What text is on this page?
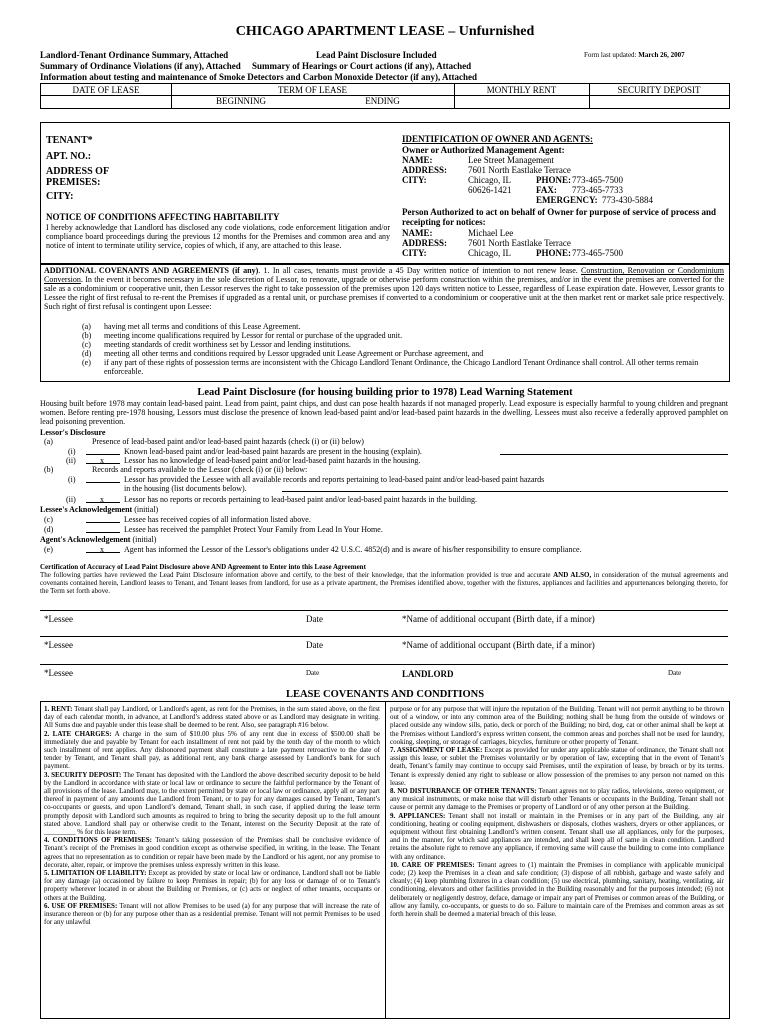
CHICAGO APARTMENT LEASE – Unfurnished
Landlord-Tenant Ordinance Summary, Attached	Lead Paint Disclosure Included	Form last updated: March 26, 2007
Summary of Ordinance Violations (if any), Attached     Summary of Hearings or Court actions (if any), Attached
Information about testing and maintenance of Smoke Detectors and Carbon Monoxide Detector (if any), Attached
DATE OF LEASE	TERM OF LEASE	MONTHLY RENT	SECURITY DEPOSIT
BEGINNING	ENDING
TENANT*
APT. NO.:
ADDRESS OF
PREMISES:
CITY:
NOTICE OF CONDITIONS AFFECTING HABITABILITY
I hereby acknowledge that Landlord has disclosed any code violations, code enforcement litigation and/or compliance board proceedings during the previous 12 months for the Premises and common area and any notice of intent to terminate utility service, copies of which, if any, are attached to this lease.
IDENTIFICATION OF OWNER AND AGENTS:
Owner or Authorized Management Agent:
NAME:	Lee Street Management
ADDRESS: 7601 North Eastlake Terrace
CITY:	Chicago, IL	PHONE: 773-465-7500
60626-1421	FAX: 773-465-7733
EMERGENCY: 773-430-5884
Person Authorized to act on behalf of Owner for purpose of service of process and receipting for notices:
NAME:	Michael Lee
ADDRESS: 7601 North Eastlake Terrace
CITY:	Chicago, IL	PHONE: 773-465-7500
ADDITIONAL COVENANTS AND AGREEMENTS (if any). 1. In all cases, tenants must provide a 45 Day written notice of intention to not renew lease. Construction, Renovation or Condominium Conversion. In the event it becomes necessary in the sole discretion of Lessor, to renovate, upgrade or otherwise perform construction within the premises, and/or in the event the premises are converted for the sale as a condominium or cooperative unit, then Lessor reserves the right to take possession of the premises upon 120 days written notice to Lessee, regardless of Lease expiration date. However, Lessor grants to Lessee the right of first refusal to re-rent the Premises if upgraded as a rental unit, or purchase premises if converted to a condominium or cooperative unit at the then market rent or market sale price respectively. Such right of first refusal is contingent upon Lessee:
(a) having met all terms and conditions of this Lease Agreement.
(b) meeting income qualifications required by Lessor for rental or purchase of the upgraded unit.
(c) meeting standards of credit worthiness set by Lessor and lending institutions.
(d) meeting all other terms and conditions required by Lessor upgraded unit Lease Agreement or Purchase agreement, and
(e) if any part of these rights of possession terms are inconsistent with the Chicago Landlord Tenant Ordinance, the Chicago Landlord Tenant Ordinance shall control. All other terms remain enforceable.
Lead Paint Disclosure (for housing building prior to 1978) Lead Warning Statement
Housing built before 1978 may contain lead-based paint. Lead from paint, paint chips, and dust can pose health hazards if not managed properly. Lead exposure is especially harmful to young children and pregnant women. Before renting pre-1978 housing, Lessors must disclose the presence of known lead-based paint and/or lead-based paint hazards in the dwelling. Lessees must also receive a federally approved pamphlet on lead poisoning prevention.
Lessor's Disclosure
(a)	Presence of lead-based paint and/or lead-based paint hazards (check (i) or (ii) below)
(i)	Known lead-based paint and/or lead-based paint hazards are present in the housing (explain).
(ii)	x	Lessor has no knowledge of lead-based paint and/or lead-based paint hazards in the housing.
(b)	Records and reports available to the Lessor (check (i) or (ii) below:
(i)	Lessor has provided the Lessee with all available records and reports pertaining to lead-based paint and/or lead-based paint hazards
in the housing (list documents below).
(ii)	x	Lessor has no reports or records pertaining to lead-based paint and/or lead-based paint hazards in the building.
Lessee's Acknowledgement (initial)
(c)	Lessee has received copies of all information listed above.
(d)	Lessee has received the pamphlet Protect Your Family from Lead In Your Home.
Agent's Acknowledgement (initial)
(e)	x	Agent has informed the Lessor of the Lessor's obligations under 42 U.S.C. 4852(d) and is aware of his/her responsibility to ensure compliance.
Certification of Accuracy of Lead Paint Disclosure above AND Agreement to Enter into this Lease Agreement
The following parties have reviewed the Lead Paint Disclosure information above and certify, to the best of their knowledge, that the information provided is true and accurate AND ALSO, in consideration of the mutual agreements and covenants contained herein, Landlord leases to Tenant, and Tenant leases from landlord, for use as a private apartment, the Premises identified above, together with the fixtures, appliances and facilities and appurtenances belonging thereto, for the Term set forth above.
*Lessee	Date	*Name of additional occupant (Birth date, if a minor)
*Lessee	Date	*Name of additional occupant (Birth date, if a minor)
*Lessee	Date	LANDLORD	Date
LEASE COVENANTS AND CONDITIONS

1. RENT: Tenant shall pay Landlord, or Landlord's agent, as rent for the Premises, in the sum stated above, on the first day of each calendar month, in advance, at Landlord’s address stated above or as Landlord may designate in writing. All Sums due and payable under this lease shall be deemed to be rent. Also, see paragraph #16 below.

2. LATE CHARGES: A charge in the sum of $10.00 plus 5% of any rent due in excess of $500.00 shall be immediately due and payable by Tenant for each installment of rent not paid by the tenth day of the month to which such installment of rent applies. Any dishonored payment shall constitute a late payment retroactive to the date of tender by Tenant, and Tenant shall pay, as additional rent, any bank charge assessed by Landlord's bank for such payment.

3. SECURITY DEPOSIT: The Tenant has deposited with the Landlord the above described security deposit to be held by the Landlord in accordance with state or local law or ordinance to secure the faithful performance by the Tenant of all provisions of the lease. Landlord may, to the extent permitted by state or local law or ordinance, apply all or any part thereof in payment of any amounts due Landlord from Tenant, or to pay for any damages caused by Tenant, Tenant’s co-occupants or guests, and upon Landlord’s demand, Tenant shall, in such case, if applied during the lease term promptly deposit with Landlord such amounts as required to bring to bring the security deposit up to the full amount stated above. Landlord shall pay or otherwise credit to the Tenant, interest on the Security Deposit at the rate of _________ % for this lease term.

4. CONDITIONS OF PREMISES: Tenant’s taking possession of the Premises shall be conclusive evidence of Tenant’s receipt of the Premises in good condition except as otherwise specified, in writing, in the lease. The Tenant agrees that no representation as to condition or repair have been made by the Landlord or his agent, nor any promise to decorate, alter, repair, or improve the premises unless expressly written in this lease.

5. LIMITATION OF LIABILITY: Except as provided by state or local law or ordinance, Landlord shall not be liable for any damage (a) occasioned by failure to keep Premises in repair; (b) for any loss or damage of or to Tenant's property wherever located in or about the Building or Premises, or (c) acts or neglect of other tenants, occupants or others at the Building.

6. USE OF PREMISES: Tenant will not allow Premises to be used (a) for any purpose that will increase the rate of insurance thereon or (b) for any purpose other than as a residential premise. Tenant will not permit Premises to be used for any unlawful

purpose or for any purpose that will injure the reputation of the Building. Tenant will not permit anything to be thrown out of a window, or into any common area of the Building; nothing shall be hung from the outside of windows or placed outside any window sills, patio, deck or porch of the Building; no bird, dog, cat or other animal shall be kept at the Premises without Landlord’s express written consent, the common areas and porches shall not be used for laundry, cooking, sleeping, or storage of carriages, bicycles, furniture or other property of Tenant.

7. ASSIGNMENT OF LEASE: Except as provided for under any applicable statue of ordinance, the Tenant shall not assign this lease, or sublet the Premises voluntarily or by operation of law, excepting that in the event of Tenant’s death, Tenant’s family may continue to occupy said Premises, until the expiration of lease, by breach or by its terms. Tenant is expressly denied any right to sublease or allow possession of the premises to any person not named on this lease.

8. NO DISTURBANCE OF OTHER TENANTS: Tenant agrees not to play radios, televisions, stereo equipment, or any musical instruments, or make noise that will disturb other Tenants or occupants in the Building. Tenant shall not cause or permit any damage to the Premises or property of Landlord or of any other person at the Building.

9. APPLIANCES: Tenant shall not install or maintain in the Premises or in any part of the Building, any air conditioning, heating or cooling equipment, dishwashers or disposals, clothes washers, dryers or other appliances, or equipment without first obtaining Landlord’s written consent. Tenant shall use all appliances, only for the purposes, and in the manner, for which said appliances are intended, and shall keep all of same in clean condition. Landlord retains the absolute right to remove any appliance, if removing same will cause the building to come into compliance with any ordinance.

10. CARE OF PREMISES: Tenant agrees to (1) maintain the Premises in compliance with applicable municipal code; (2) keep the Premises in a clean and safe condition; (3) dispose of all rubbish, garbage and waste safely and cleanly; (4) keep plumbing fixtures in a clean condition; (5) use electrical, plumbing, sanitary, heating, ventilating, air conditioning, elevators and other facilities provided in the Building reasonably and for the purposes intended; (6) not deliberately or negligently destroy, deface, damage or impair any part of Premises or common areas of the Building, or allow any family, co-occupants, or guests to do so. Failure to maintain care of the Premises and common areas as set forth herein shall be deemed a material breach of this lease.
